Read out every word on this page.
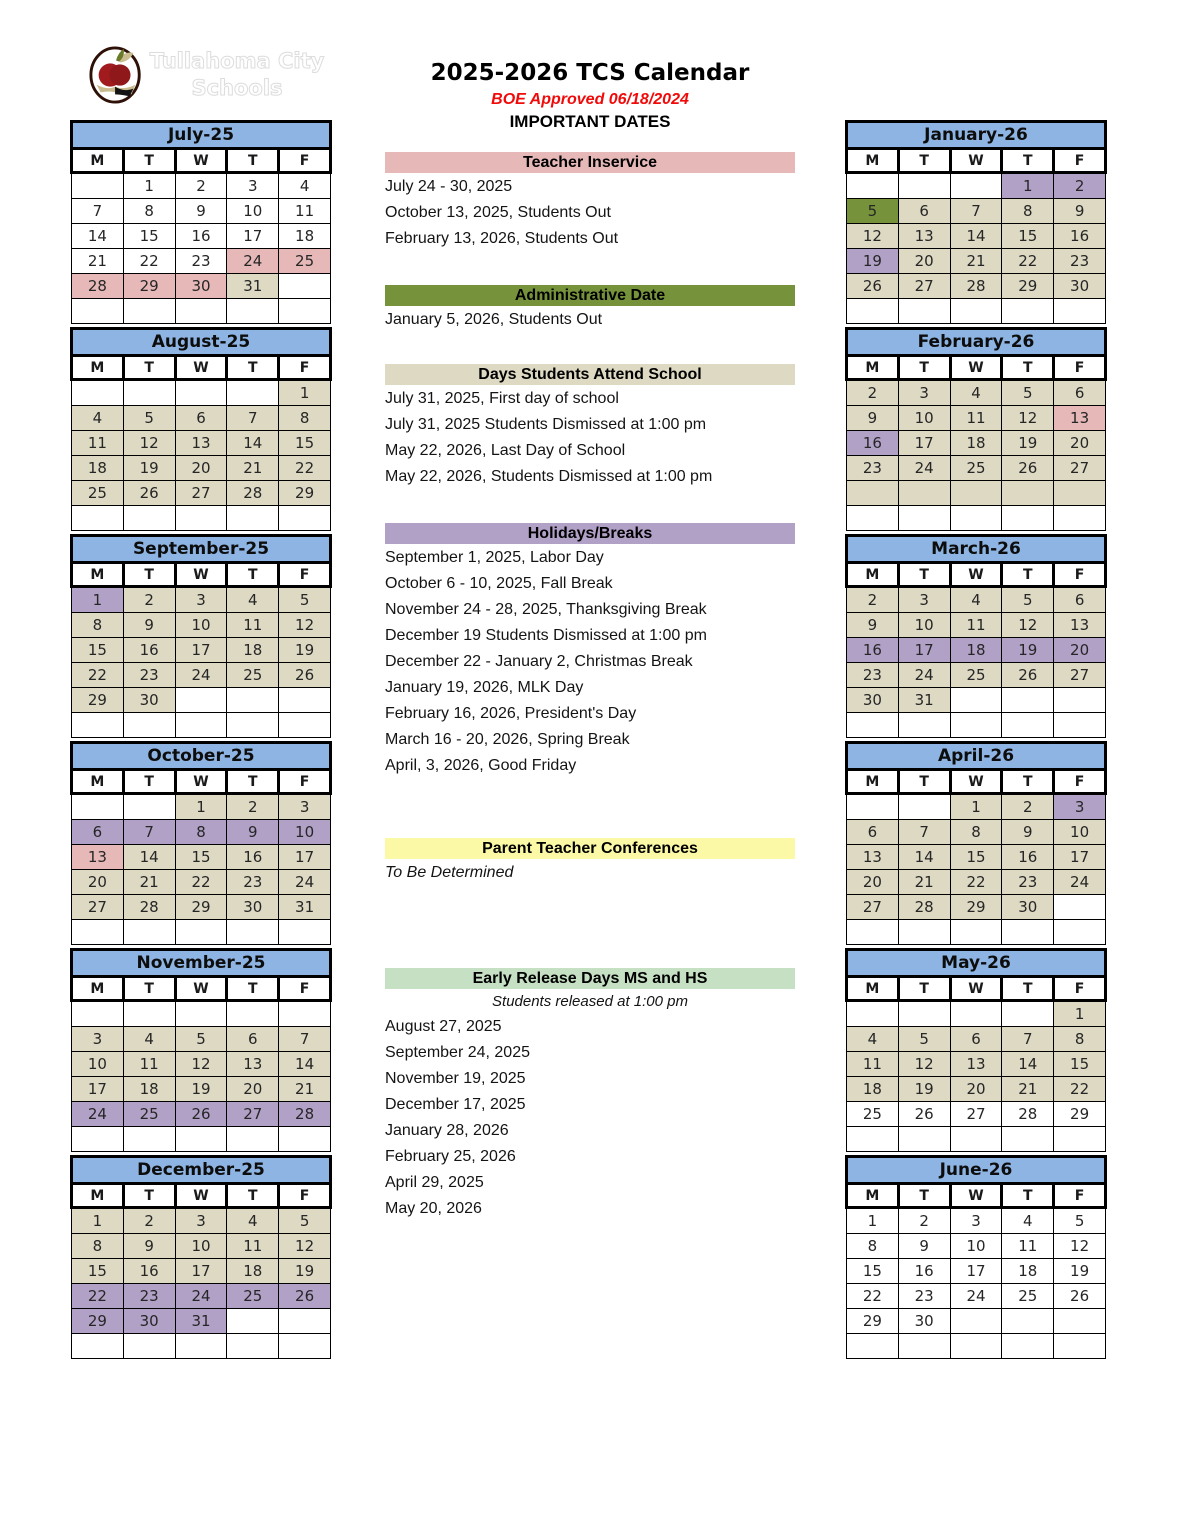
Tullahoma City
Schools
2025-2026 TCS Calendar
BOE Approved 06/18/2024
IMPORTANT DATES
July-25				
M	T	W	T	F
	1	2	3	4
7	8	9	10	11
14	15	16	17	18
21	22	23	24	25
28	29	30	31	

August-25				
M	T	W	T	F
				1
4	5	6	7	8
11	12	13	14	15
18	19	20	21	22
25	26	27	28	29

September-25				
M	T	W	T	F
1	2	3	4	5
8	9	10	11	12
15	16	17	18	19
22	23	24	25	26
29	30			

October-25				
M	T	W	T	F
		1	2	3
6	7	8	9	10
13	14	15	16	17
20	21	22	23	24
27	28	29	30	31

November-25				
M	T	W	T	F

3	4	5	6	7
10	11	12	13	14
17	18	19	20	21
24	25	26	27	28

December-25				
M	T	W	T	F
1	2	3	4	5
8	9	10	11	12
15	16	17	18	19
22	23	24	25	26
29	30	31		

January-26				
M	T	W	T	F
			1	2
5	6	7	8	9
12	13	14	15	16
19	20	21	22	23
26	27	28	29	30

February-26				
M	T	W	T	F
2	3	4	5	6
9	10	11	12	13
16	17	18	19	20
23	24	25	26	27

March-26				
M	T	W	T	F
2	3	4	5	6
9	10	11	12	13
16	17	18	19	20
23	24	25	26	27
30	31			

April-26				
M	T	W	T	F
		1	2	3
6	7	8	9	10
13	14	15	16	17
20	21	22	23	24
27	28	29	30	

May-26				
M	T	W	T	F
				1
4	5	6	7	8
11	12	13	14	15
18	19	20	21	22
25	26	27	28	29

June-26				
M	T	W	T	F
1	2	3	4	5
8	9	10	11	12
15	16	17	18	19
22	23	24	25	26
29	30			

Teacher Inservice
July 24 - 30, 2025
October 13, 2025, Students Out
February 13, 2026, Students Out
Administrative Date
January 5, 2026, Students Out
Days Students Attend School
July 31, 2025, First day of school
July 31, 2025 Students Dismissed at 1:00 pm
May 22, 2026, Last Day of School
May 22, 2026, Students Dismissed at 1:00 pm
Holidays/Breaks
September 1, 2025, Labor Day
October 6 - 10, 2025, Fall Break
November 24 - 28, 2025, Thanksgiving Break
December 19 Students Dismissed at 1:00 pm
December 22 - January 2, Christmas Break
January 19, 2026, MLK Day
February 16, 2026, President's Day
March 16 - 20, 2026, Spring Break
April, 3, 2026, Good Friday
Parent Teacher Conferences
To Be Determined
Early Release Days MS and HS
Students released at 1:00 pm
August 27, 2025
September 24, 2025
November 19, 2025
December 17, 2025
January 28, 2026
February 25, 2026
April 29, 2025
May 20, 2026
